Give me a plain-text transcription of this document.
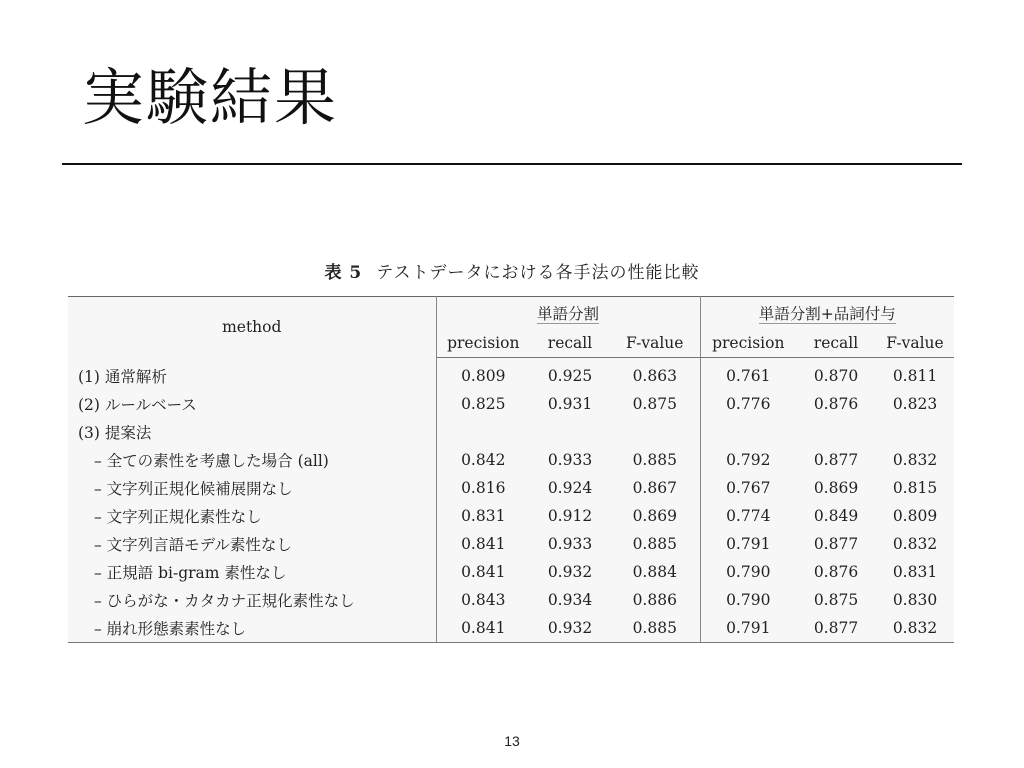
実験結果
表 5 テストデータにおける各手法の性能比較
method	単語分割			単語分割+品詞付与		
	precision	recall	F-value	precision	recall	F-value
(1) 通常解析	0.809	0.925	0.863	0.761	0.870	0.811
(2) ルールベース	0.825	0.931	0.875	0.776	0.876	0.823
(3) 提案法						
– 全ての素性を考慮した場合 (all)	0.842	0.933	0.885	0.792	0.877	0.832
– 文字列正規化候補展開なし	0.816	0.924	0.867	0.767	0.869	0.815
– 文字列正規化素性なし	0.831	0.912	0.869	0.774	0.849	0.809
– 文字列言語モデル素性なし	0.841	0.933	0.885	0.791	0.877	0.832
– 正規語 bi-gram 素性なし	0.841	0.932	0.884	0.790	0.876	0.831
– ひらがな・カタカナ正規化素性なし	0.843	0.934	0.886	0.790	0.875	0.830
– 崩れ形態素素性なし	0.841	0.932	0.885	0.791	0.877	0.832
13
